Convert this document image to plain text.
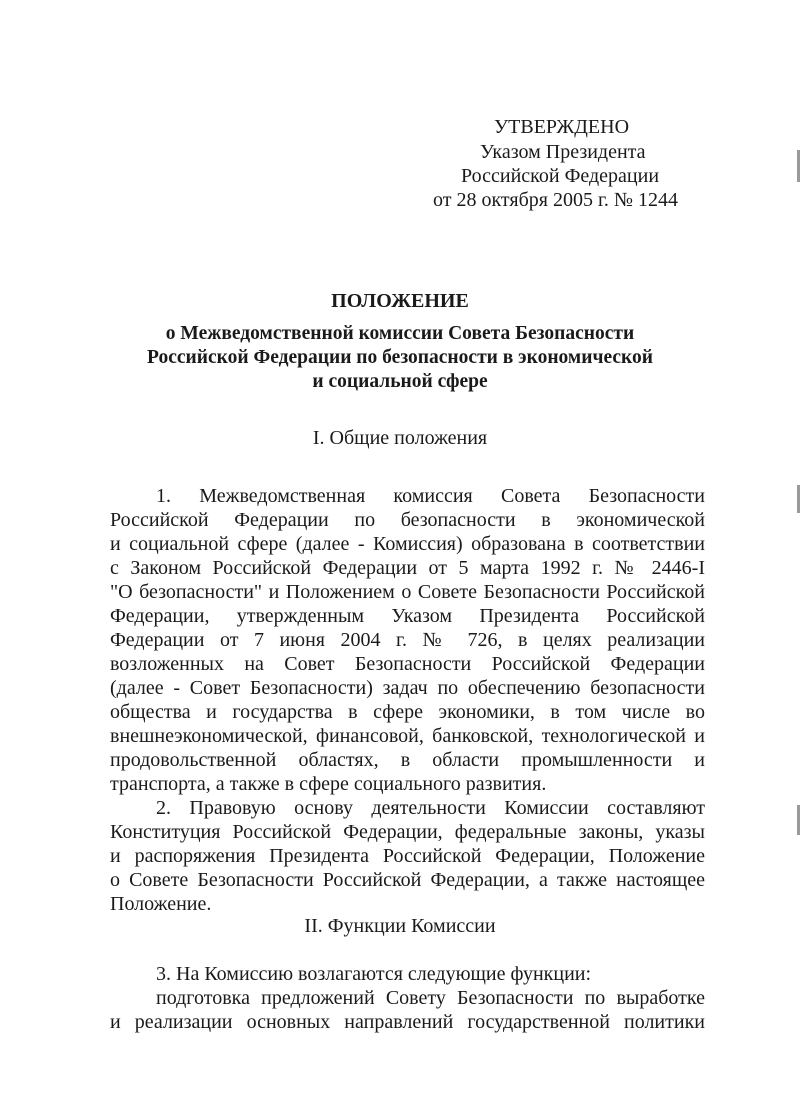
УТВЕРЖДЕНО
Указом Президента
Российской Федерации
от 28 октября 2005 г. № 1244
ПОЛОЖЕНИЕ
о Межведомственной комиссии Совета Безопасности
Российской Федерации по безопасности в экономической
и социальной сфере
I. Общие положения
1. Межведомственная комиссия Совета Безопасности
Российской Федерации по безопасности в экономической
и социальной сфере (далее - Комиссия) образована в соответствии
с Законом Российской Федерации от 5 марта 1992 г. № 2446-I
"О безопасности" и Положением о Совете Безопасности Российской
Федерации, утвержденным Указом Президента Российской
Федерации от 7 июня 2004 г. № 726, в целях реализации
возложенных на Совет Безопасности Российской Федерации
(далее - Совет Безопасности) задач по обеспечению безопасности
общества и государства в сфере экономики, в том числе во
внешнеэкономической, финансовой, банковской, технологической и
продовольственной областях, в области промышленности и
транспорта, а также в сфере социального развития.
2. Правовую основу деятельности Комиссии составляют
Конституция Российской Федерации, федеральные законы, указы
и распоряжения Президента Российской Федерации, Положение
о Совете Безопасности Российской Федерации, а также настоящее
Положение.
II. Функции Комиссии
3. На Комиссию возлагаются следующие функции:
подготовка предложений Совету Безопасности по выработке
и реализации основных направлений государственной политики
